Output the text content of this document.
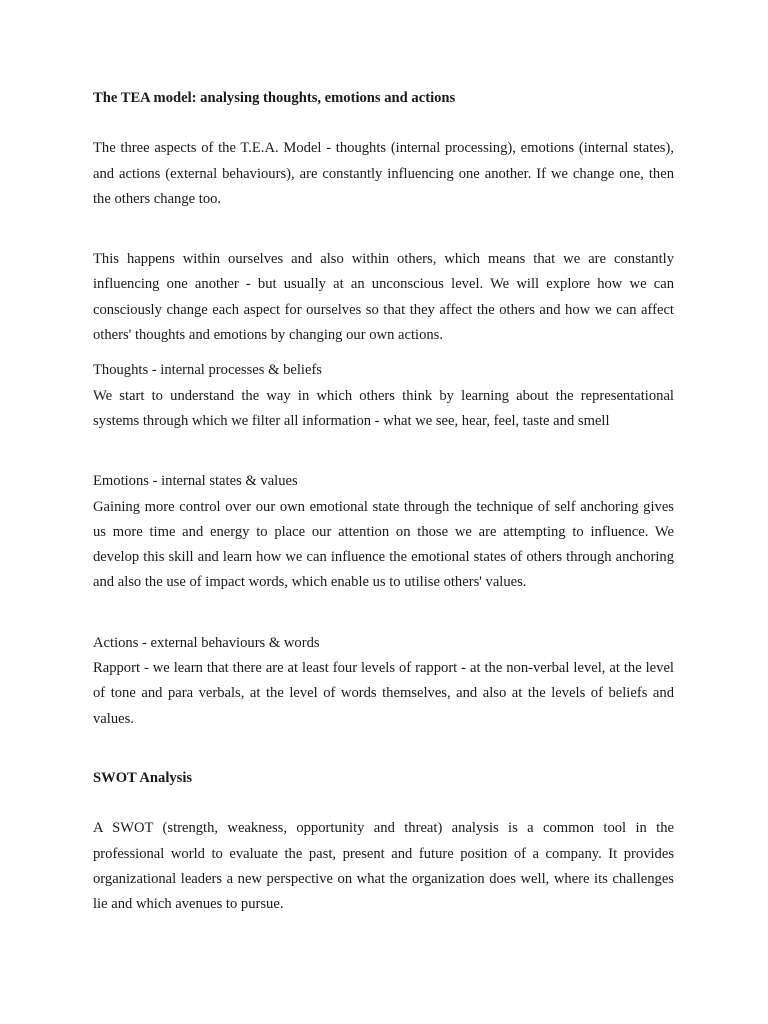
The TEA model: analysing thoughts, emotions and actions

The three aspects of the T.E.A. Model - thoughts (internal processing), emotions (internal states), and actions (external behaviours), are constantly influencing one another. If we change one, then the others change too.

This happens within ourselves and also within others, which means that we are constantly influencing one another - but usually at an unconscious level. We will explore how we can consciously change each aspect for ourselves so that they affect the others and how we can affect others' thoughts and emotions by changing our own actions.

Thoughts - internal processes & beliefs

We start to understand the way in which others think by learning about the representational systems through which we filter all information - what we see, hear, feel, taste and smell

Emotions - internal states & values

Gaining more control over our own emotional state through the technique of self anchoring gives us more time and energy to place our attention on those we are attempting to influence. We develop this skill and learn how we can influence the emotional states of others through anchoring and also the use of impact words, which enable us to utilise others' values.

Actions - external behaviours & words

Rapport - we learn that there are at least four levels of rapport - at the non-verbal level, at the level of tone and para verbals, at the level of words themselves, and also at the levels of beliefs and values.

SWOT Analysis

A SWOT (strength, weakness, opportunity and threat) analysis is a common tool in the professional world to evaluate the past, present and future position of a company. It provides organizational leaders a new perspective on what the organization does well, where its challenges lie and which avenues to pursue.
